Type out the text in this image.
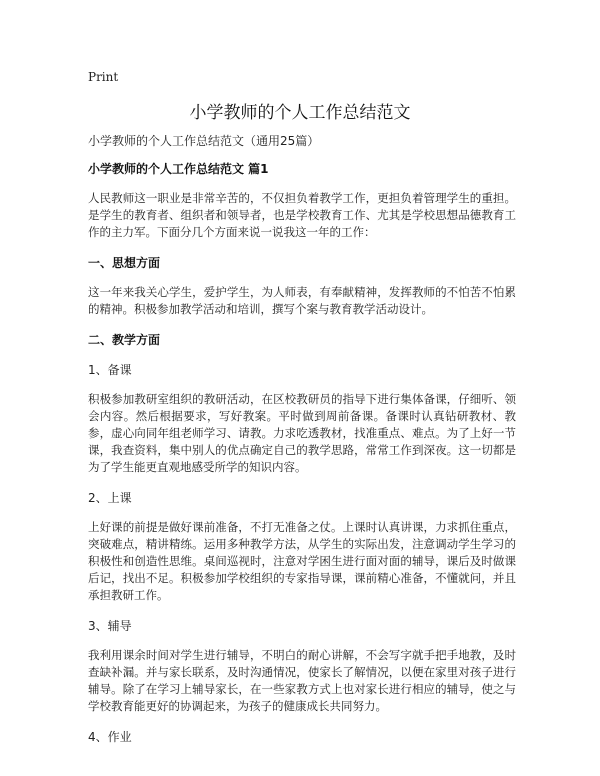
Print
小学教师的个人工作总结范文

小学教师的个人工作总结范文（通用25篇）

小学教师的个人工作总结范文 篇1

人民教师这一职业是非常辛苦的，不仅担负着教学工作，更担负着管理学生的重担。是学生的教育者、组织者和领导者，也是学校教育工作、尤其是学校思想品德教育工作的主力军。下面分几个方面来说一说我这一年的工作：

一、思想方面

这一年来我关心学生，爱护学生，为人师表，有奉献精神，发挥教师的不怕苦不怕累的精神。积极参加教学活动和培训，撰写个案与教育教学活动设计。

二、教学方面

1、备课

积极参加教研室组织的教研活动，在区校教研员的指导下进行集体备课，仔细听、领会内容。然后根据要求，写好教案。平时做到周前备课。备课时认真钻研教材、教参，虚心向同年组老师学习、请教。力求吃透教材，找准重点、难点。为了上好一节课，我查资料，集中别人的优点确定自己的教学思路，常常工作到深夜。这一切都是为了学生能更直观地感受所学的知识内容。

2、上课

上好课的前提是做好课前准备，不打无准备之仗。上课时认真讲课，力求抓住重点，突破难点，精讲精练。运用多种教学方法，从学生的实际出发，注意调动学生学习的积极性和创造性思维。桌间巡视时，注意对学困生进行面对面的辅导，课后及时做课后记，找出不足。积极参加学校组织的专家指导课，课前精心准备，不懂就问，并且承担教研工作。

3、辅导

我利用课余时间对学生进行辅导，不明白的耐心讲解，不会写字就手把手地教，及时查缺补漏。并与家长联系，及时沟通情况，使家长了解情况，以便在家里对孩子进行辅导。除了在学习上辅导家长，在一些家教方式上也对家长进行相应的辅导，使之与学校教育能更好的协调起来，为孩子的健康成长共同努力。

4、作业
